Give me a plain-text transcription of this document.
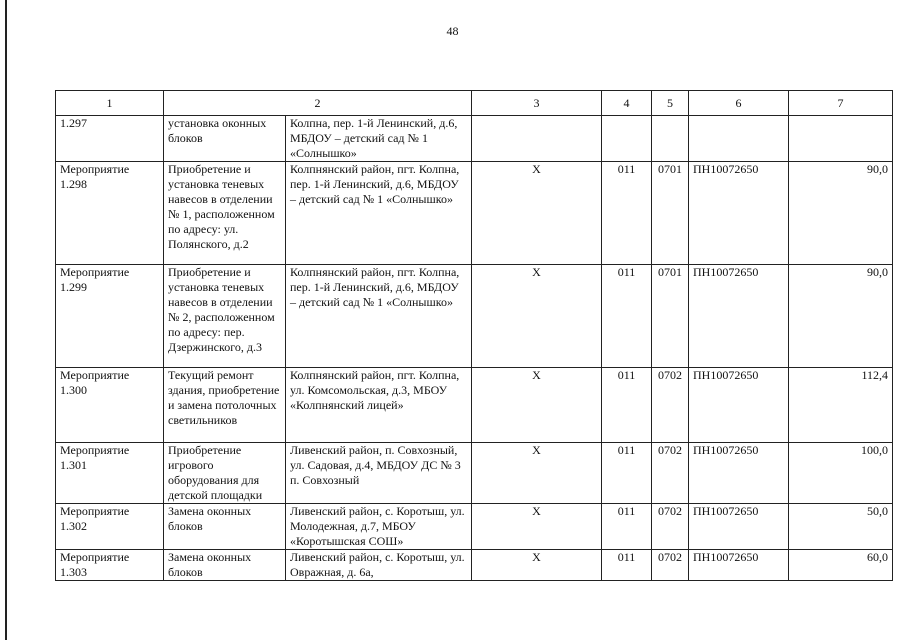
48
1	2		3	4	5	6	7
1.297	установка оконных блоков	Колпна, пер. 1-й Ленинский, д.6, МБДОУ – детский сад № 1 «Солнышко»					
Мероприятие 1.298	Приобретение и установка теневых навесов в отделении № 1, расположенном по адресу: ул. Полянского, д.2	Колпнянский район, пгт. Колпна, пер. 1-й Ленинский, д.6, МБДОУ – детский сад № 1 «Солнышко»	Х	011	0701	ПН10072650	90,0
Мероприятие 1.299	Приобретение и установка теневых навесов в отделении № 2, расположенном по адресу: пер. Дзержинского, д.3	Колпнянский район, пгт. Колпна, пер. 1-й Ленинский, д.6, МБДОУ – детский сад № 1 «Солнышко»	Х	011	0701	ПН10072650	90,0
Мероприятие 1.300	Текущий ремонт здания, приобретение и замена потолочных светильников	Колпнянский район, пгт. Колпна, ул. Комсомольская, д.3, МБОУ «Колпнянский лицей»	Х	011	0702	ПН10072650	112,4
Мероприятие 1.301	Приобретение игрового оборудования для детской площадки	Ливенский район, п. Совхозный, ул. Садовая, д.4, МБДОУ ДС № 3 п. Совхозный	Х	011	0702	ПН10072650	100,0
Мероприятие 1.302	Замена оконных блоков	Ливенский район, с. Коротыш, ул. Молодежная, д.7, МБОУ «Коротышская СОШ»	Х	011	0702	ПН10072650	50,0
Мероприятие 1.303	Замена оконных блоков	Ливенский район, с. Коротыш, ул. Овражная, д. 6а,	Х	011	0702	ПН10072650	60,0
